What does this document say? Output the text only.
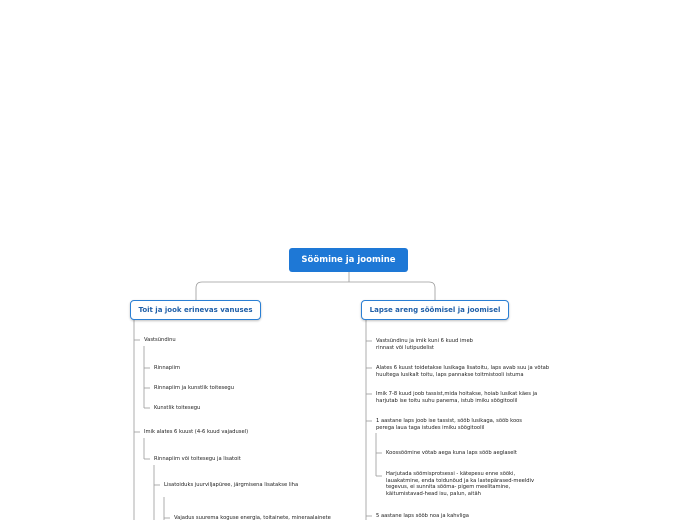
Söömine ja joomine
Toit ja jook erinevas vanuses	Lapse areng söömisel ja joomisel
Vastsündinu
Rinnapiim
Rinnapiim ja kunstlik toitesegu
Kunstlik toitesegu
Imik alates 6 kuust (4-6 kuud vajadusel)
Rinnapiim või toitesegu ja lisatoit
Lisatoiduks juurviljapüree, järgmisena lisatakse liha
Vajadus suurema koguse energia, toitainete, mineraalainete
Vastsündinu ja imik kuni 6 kuud imeb rinnast või lutipudelist
Alates 6 kuust toidetakse lusikaga lisatoitu, laps avab suu ja võtab huultega lusikalt toitu, laps pannakse toitmistooli istuma
Imik 7-8 kuud joob tassist,mida hoitakse, hoiab lusikat käes ja harjutab ise toitu suhu panema, istub imiku söögitoolil
1 aastane laps joob ise tassist, sööb lusikaga, sööb koos perega laua taga istudes imiku söögitoolil
Koossöömine võtab aega kuna laps sööb aeglaselt
Harjutada söömisprotsessi - kätepesu enne sööki, lauakatmine, enda toidunõud ja ka lastepärased-meeldiv tegevus, ei sunnita sööma- pigem meelitamine, käitumistavad-head isu, palun, aitäh
5 aastane laps sööb noa ja kahvliga
